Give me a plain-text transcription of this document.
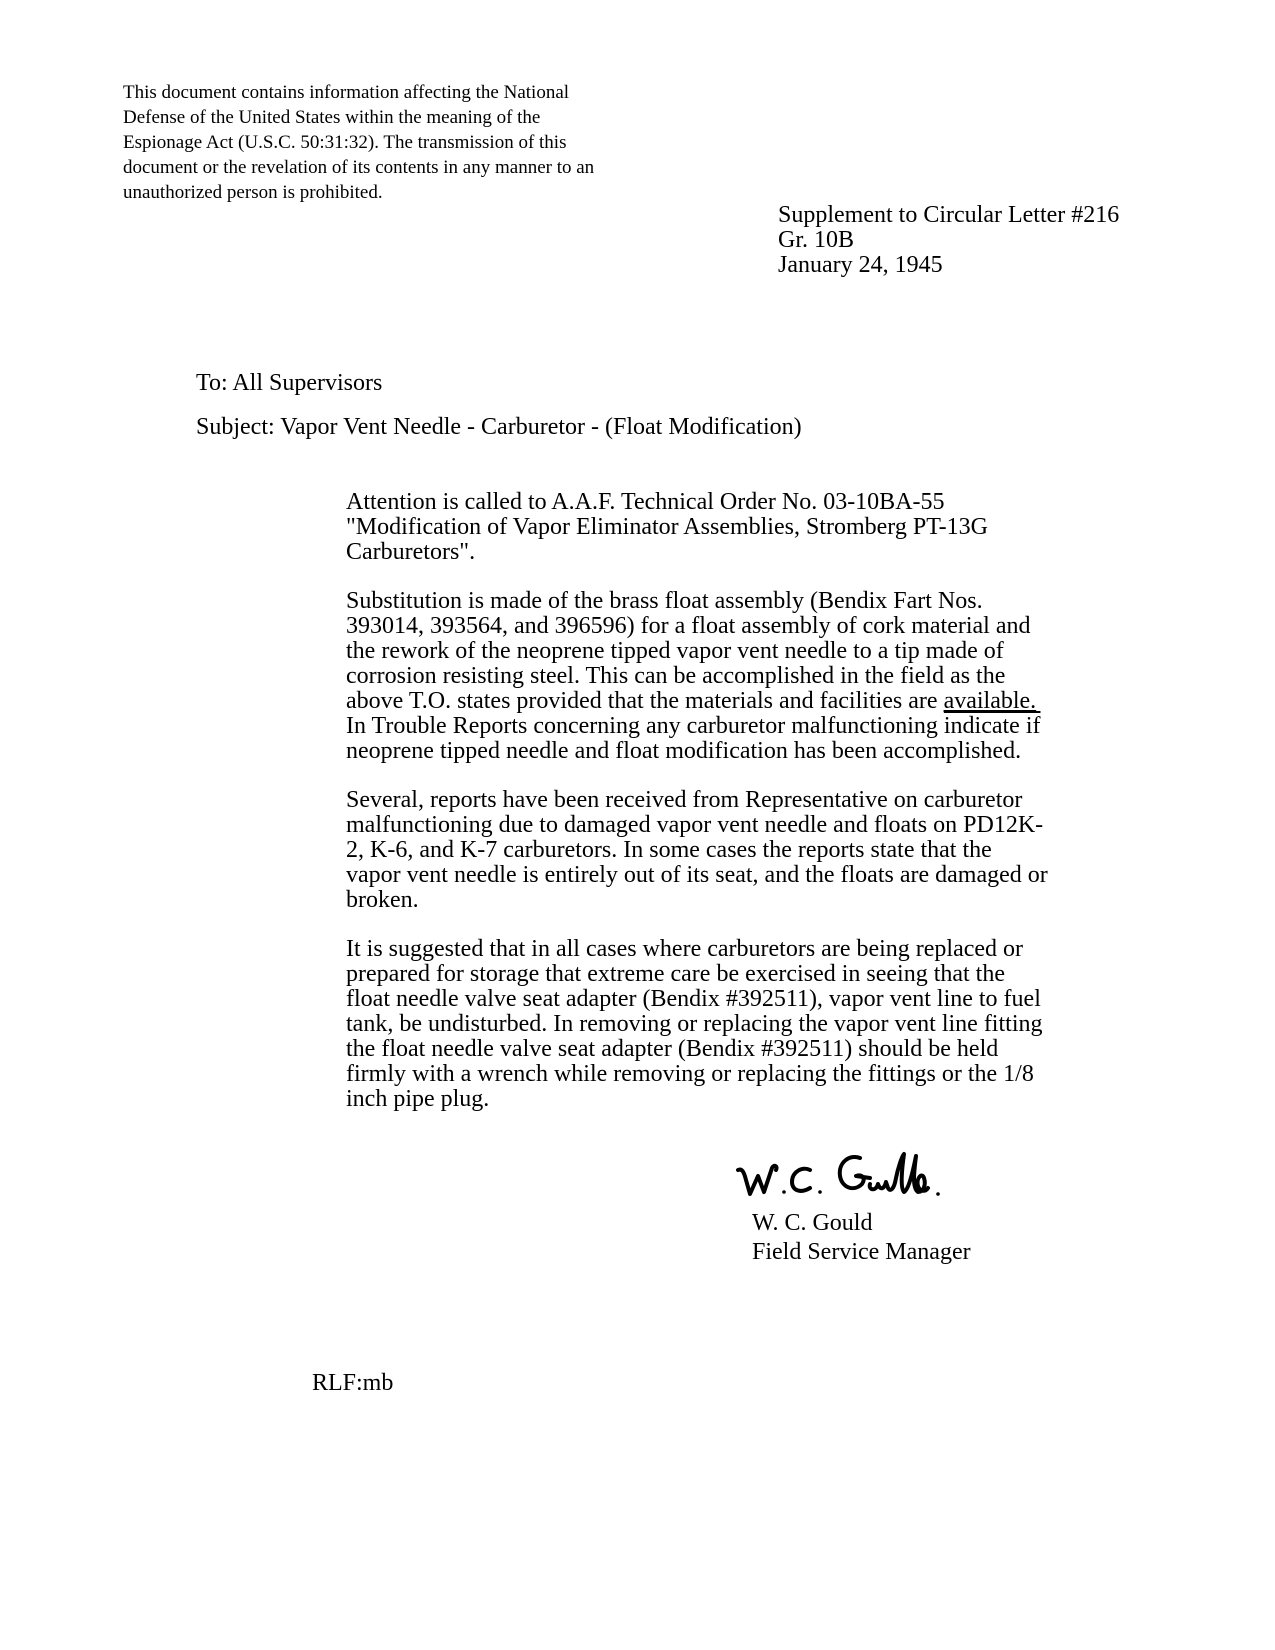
This document contains information affecting the National
Defense of the United States within the meaning of the
Espionage Act (U.S.C. 50:31:32). The transmission of this
document or the revelation of its contents in any manner to an
unauthorized person is prohibited.
Supplement to Circular Letter #216
Gr. 10B
January 24, 1945
To: All Supervisors
Subject: Vapor Vent Needle - Carburetor - (Float Modification)
Attention is called to A.A.F. Technical Order No. 03-10BA-55
"Modification of Vapor Eliminator Assemblies, Stromberg PT-13G
Carburetors".
Substitution is made of the brass float assembly (Bendix Fart Nos.
393014, 393564, and 396596) for a float assembly of cork material and
the rework of the neoprene tipped vapor vent needle to a tip made of
corrosion resisting steel. This can be accomplished in the field as the
above T.O. states provided that the materials and facilities are available.
In Trouble Reports concerning any carburetor malfunctioning indicate if
neoprene tipped needle and float modification has been accomplished.
Several, reports have been received from Representative on carburetor
malfunctioning due to damaged vapor vent needle and floats on PD12K-
2, K-6, and K-7 carburetors. In some cases the reports state that the
vapor vent needle is entirely out of its seat, and the floats are damaged or
broken.
It is suggested that in all cases where carburetors are being replaced or
prepared for storage that extreme care be exercised in seeing that the
float needle valve seat adapter (Bendix #392511), vapor vent line to fuel
tank, be undisturbed. In removing or replacing the vapor vent line fitting
the float needle valve seat adapter (Bendix #392511) should be held
firmly with a wrench while removing or replacing the fittings or the 1/8
inch pipe plug.
W. C. Gould
Field Service Manager
RLF:mb
